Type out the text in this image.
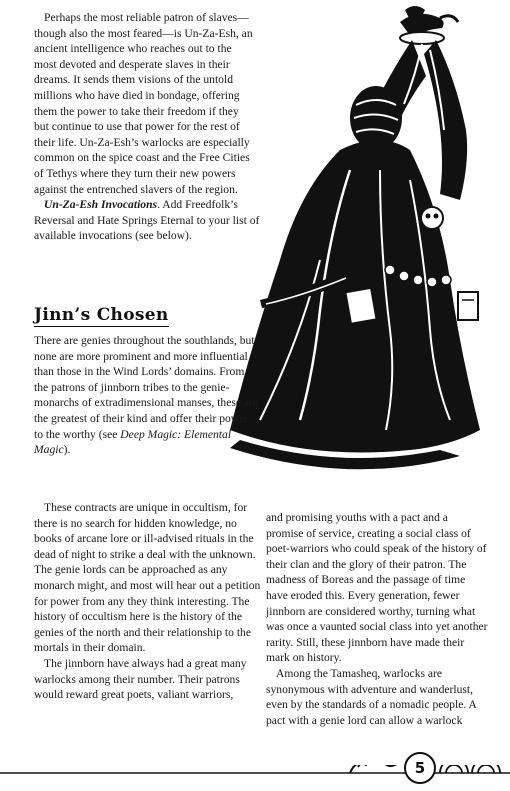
Perhaps the most reliable patron of slaves—though also the most feared—is Un-Za-Esh, an ancient intelligence who reaches out to the most devoted and desperate slaves in their dreams. It sends them visions of the untold millions who have died in bondage, offering them the power to take their freedom if they but continue to use that power for the rest of their life. Un-Za-Esh’s warlocks are especially common on the spice coast and the Free Cities of Tethys where they turn their new powers against the entrenched slavers of the region.

Un-Za-Esh Invocations. Add Freedfolk’s Reversal and Hate Springs Eternal to your list of available invocations (see below).

Jinn’s Chosen

There are genies throughout the southlands, but none are more prominent and more influential than those in the Wind Lords’ domains. From the patrons of jinnborn tribes to the genie-monarchs of extradimensional manses, these are the greatest of their kind and offer their power to the worthy (see Deep Magic: Elemental Magic).

These contracts are unique in occultism, for there is no search for hidden knowledge, no books of arcane lore or ill-advised rituals in the dead of night to strike a deal with the unknown. The genie lords can be approached as any monarch might, and most will hear out a petition for power from any they think interesting. The history of occultism here is the history of the genies of the north and their relationship to the mortals in their domain.

The jinnborn have always had a great many warlocks among their number. Their patrons would reward great poets, valiant warriors,

and promising youths with a pact and a promise of service, creating a social class of poet-warriors who could speak of the history of their clan and the glory of their patron. The madness of Boreas and the passage of time have eroded this. Every generation, fewer jinnborn are considered worthy, turning what was once a vaunted social class into yet another rarity. Still, these jinnborn have made their mark on history.

Among the Tamasheq, warlocks are synonymous with adventure and wanderlust, even by the standards of a nomadic people. A pact with a genie lord can allow a warlock

5
